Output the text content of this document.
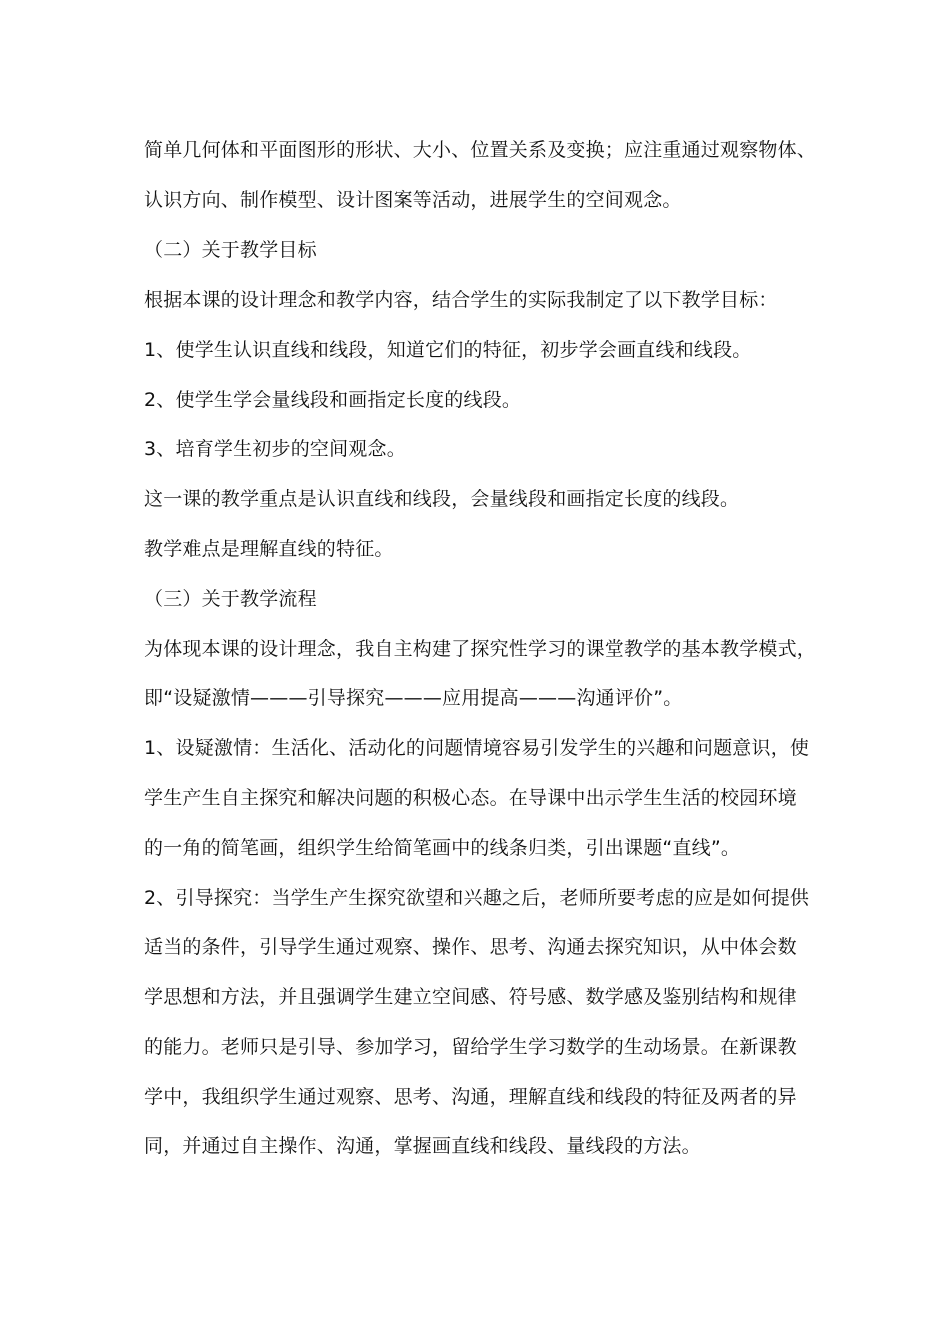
简单几何体和平面图形的形状、大小、位置关系及变换；应注重通过观察物体、
认识方向、制作模型、设计图案等活动，进展学生的空间观念。
（二）关于教学目标
根据本课的设计理念和教学内容，结合学生的实际我制定了以下教学目标：
1、使学生认识直线和线段，知道它们的特征，初步学会画直线和线段。
2、使学生学会量线段和画指定长度的线段。
3、培育学生初步的空间观念。
这一课的教学重点是认识直线和线段，会量线段和画指定长度的线段。
教学难点是理解直线的特征。
（三）关于教学流程
为体现本课的设计理念，我自主构建了探究性学习的课堂教学的基本教学模式，
即“设疑激情———引导探究———应用提高———沟通评价”。
1、设疑激情：生活化、活动化的问题情境容易引发学生的兴趣和问题意识，使
学生产生自主探究和解决问题的积极心态。在导课中出示学生生活的校园环境
的一角的简笔画，组织学生给简笔画中的线条归类，引出课题“直线”。
2、引导探究：当学生产生探究欲望和兴趣之后，老师所要考虑的应是如何提供
适当的条件，引导学生通过观察、操作、思考、沟通去探究知识，从中体会数
学思想和方法，并且强调学生建立空间感、符号感、数学感及鉴别结构和规律
的能力。老师只是引导、参加学习，留给学生学习数学的生动场景。在新课教
学中，我组织学生通过观察、思考、沟通，理解直线和线段的特征及两者的异
同，并通过自主操作、沟通，掌握画直线和线段、量线段的方法。
